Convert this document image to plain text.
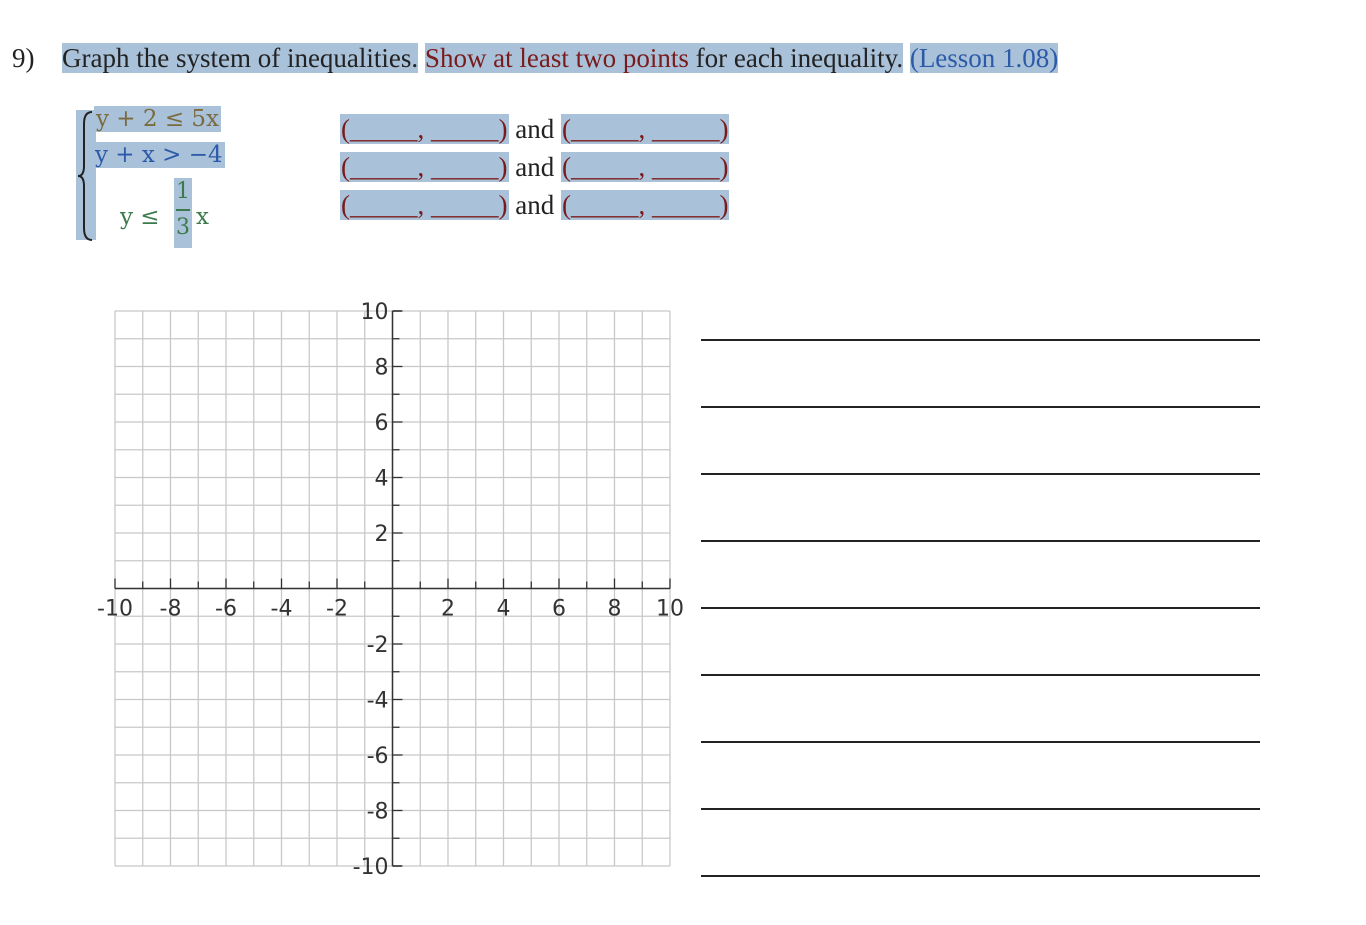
9) Graph the system of inequalities. Show at least two points for each inequality. (Lesson 1.08)
y + 2 ≤ 5x
y + x > −4
y ≤
1
3 x
(_____, _____) and (_____, _____)
(_____, _____) and (_____, _____)
(_____, _____) and (_____, _____)
-10 -8 -6 -4 -2	2 4 6 8 10
10
8
6
4
2
-2
-4
-6
-8
-10
